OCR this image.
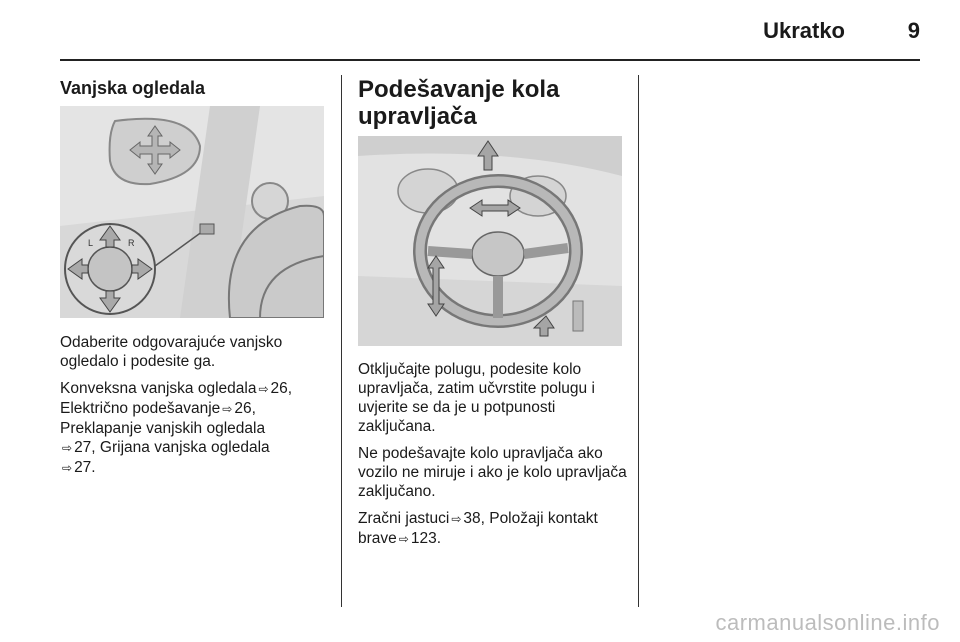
Ukratko	9
Vanjska ogledala
L	R

Odaberite odgovarajuće vanjsko ogledalo i podesite ga.

Konveksna vanjska ogledala ⇨ 26,
Električno podešavanje ⇨ 26,
Preklapanje vanjskih ogledala
⇨ 27, Grijana vanjska ogledala
⇨ 27.

Podešavanje kola upravljača

Otključajte polugu, podesite kolo upravljača, zatim učvrstite polugu i uvjerite se da je u potpunosti zaključana.

Ne podešavajte kolo upravljača ako vozilo ne miruje i ako je kolo upravljača zaključano.

Zračni jastuci ⇨ 38, Položaji kontakt brave ⇨ 123.

carmanualsonline.info
